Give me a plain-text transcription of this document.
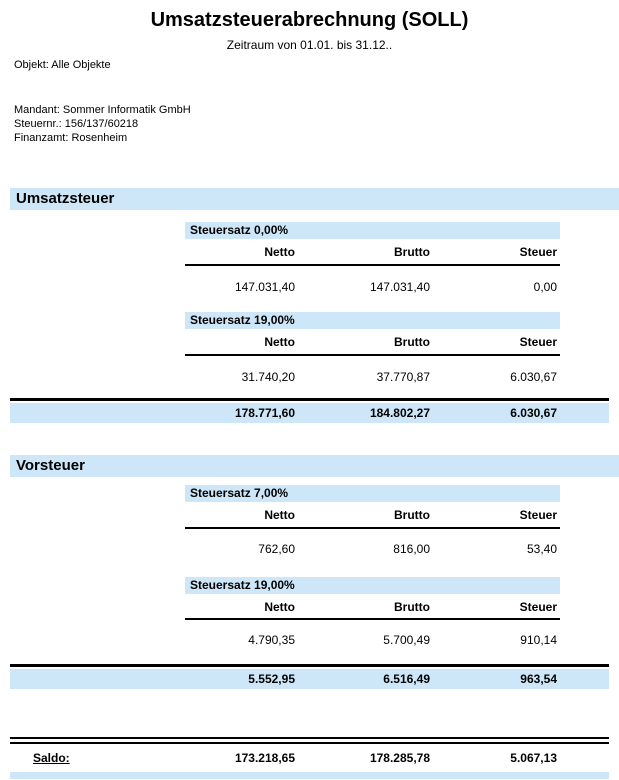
Umsatzsteuerabrechnung (SOLL)
Zeitraum von 01.01. bis 31.12..
Objekt: Alle Objekte
Mandant: Sommer Informatik GmbH
Steuernr.: 156/137/60218
Finanzamt: Rosenheim
Umsatzsteuer
Steuersatz 0,00%
Netto	Brutto	Steuer
147.031,40	147.031,40	0,00
Steuersatz 19,00%
Netto	Brutto	Steuer
31.740,20	37.770,87	6.030,67
178.771,60	184.802,27	6.030,67
Vorsteuer
Steuersatz 7,00%
Netto	Brutto	Steuer
762,60	816,00	53,40
Steuersatz 19,00%
Netto	Brutto	Steuer
4.790,35	5.700,49	910,14
5.552,95	6.516,49	963,54
Saldo:	173.218,65	178.285,78	5.067,13
